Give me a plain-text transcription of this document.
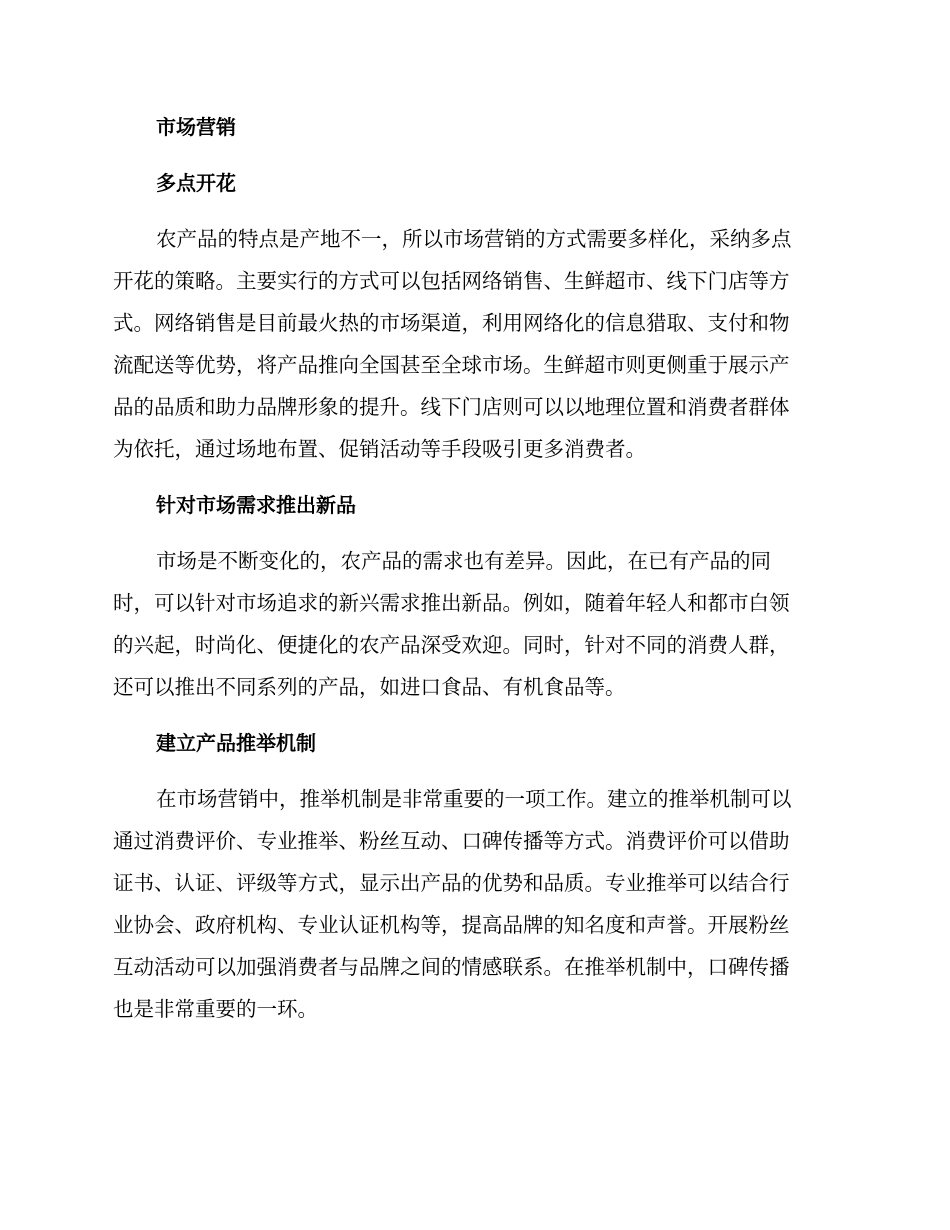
市场营销
多点开花

农产品的特点是产地不一，所以市场营销的方式需要多样化，采纳多点
开花的策略。主要实行的方式可以包括网络销售、生鲜超市、线下门店等方
式。网络销售是目前最火热的市场渠道，利用网络化的信息猎取、支付和物
流配送等优势，将产品推向全国甚至全球市场。生鲜超市则更侧重于展示产
品的品质和助力品牌形象的提升。线下门店则可以以地理位置和消费者群体
为依托，通过场地布置、促销活动等手段吸引更多消费者。

针对市场需求推出新品

市场是不断变化的，农产品的需求也有差异。因此，在已有产品的同
时，可以针对市场追求的新兴需求推出新品。例如，随着年轻人和都市白领
的兴起，时尚化、便捷化的农产品深受欢迎。同时，针对不同的消费人群，
还可以推出不同系列的产品，如进口食品、有机食品等。

建立产品推举机制

在市场营销中，推举机制是非常重要的一项工作。建立的推举机制可以
通过消费评价、专业推举、粉丝互动、口碑传播等方式。消费评价可以借助
证书、认证、评级等方式，显示出产品的优势和品质。专业推举可以结合行
业协会、政府机构、专业认证机构等，提高品牌的知名度和声誉。开展粉丝
互动活动可以加强消费者与品牌之间的情感联系。在推举机制中，口碑传播
也是非常重要的一环。
